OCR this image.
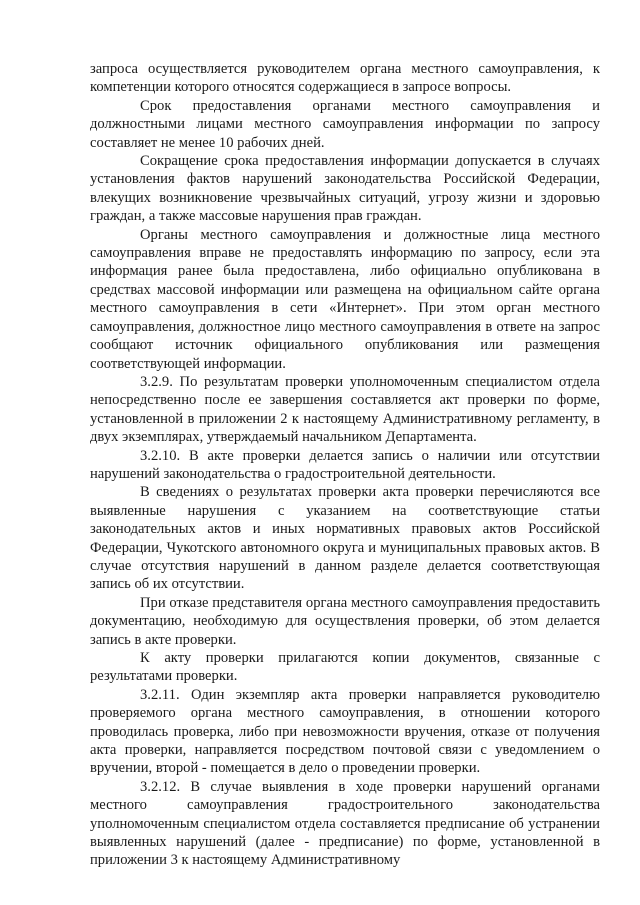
запроса осуществляется руководителем органа местного самоуправления, к компетенции которого относятся содержащиеся в запросе вопросы.

Срок предоставления органами местного самоуправления и должностными лицами местного самоуправления информации по запросу составляет не менее 10 рабочих дней.

Сокращение срока предоставления информации допускается в случаях установления фактов нарушений законодательства Российской Федерации, влекущих возникновение чрезвычайных ситуаций, угрозу жизни и здоровью граждан, а также массовые нарушения прав граждан.

Органы местного самоуправления и должностные лица местного самоуправления вправе не предоставлять информацию по запросу, если эта информация ранее была предоставлена, либо официально опубликована в средствах массовой информации или размещена на официальном сайте органа местного самоуправления в сети «Интернет». При этом орган местного самоуправления, должностное лицо местного самоуправления в ответе на запрос сообщают источник официального опубликования или размещения соответствующей информации.

3.2.9. По результатам проверки уполномоченным специалистом отдела непосредственно после ее завершения составляется акт проверки по форме, установленной в приложении 2 к настоящему Административному регламенту, в двух экземплярах, утверждаемый начальником Департамента.

3.2.10. В акте проверки делается запись о наличии или отсутствии нарушений законодательства о градостроительной деятельности.

В сведениях о результатах проверки акта проверки перечисляются все выявленные нарушения с указанием на соответствующие статьи законодательных актов и иных нормативных правовых актов Российской Федерации, Чукотского автономного округа и муниципальных правовых актов. В случае отсутствия нарушений в данном разделе делается соответствующая запись об их отсутствии.

При отказе представителя органа местного самоуправления предоставить документацию, необходимую для осуществления проверки, об этом делается запись в акте проверки.

К акту проверки прилагаются копии документов, связанные с результатами проверки.

3.2.11. Один экземпляр акта проверки направляется руководителю проверяемого органа местного самоуправления, в отношении которого проводилась проверка, либо при невозможности вручения, отказе от получения акта проверки, направляется посредством почтовой связи с уведомлением о вручении, второй - помещается в дело о проведении проверки.

3.2.12. В случае выявления в ходе проверки нарушений органами местного самоуправления градостроительного законодательства уполномоченным специалистом отдела составляется предписание об устранении выявленных нарушений (далее - предписание) по форме, установленной в приложении 3 к настоящему Административному
